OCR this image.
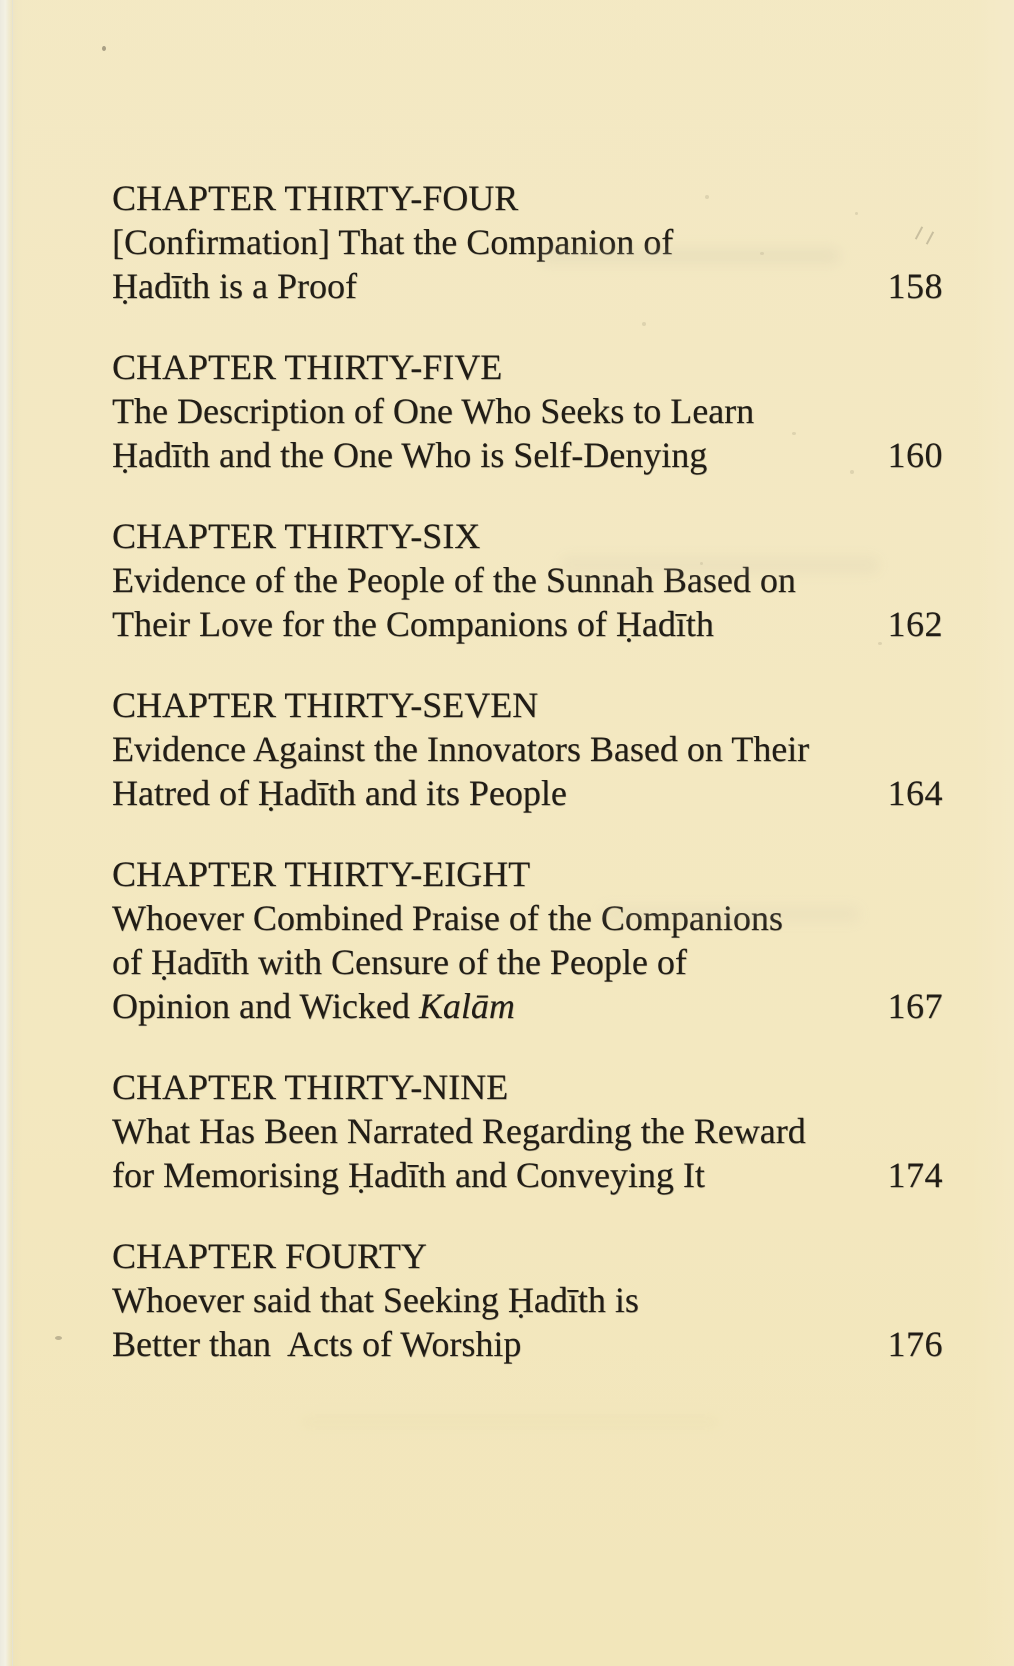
CHAPTER THIRTY-FOUR
[Confirmation] That the Companion of
Ḥadīth is a Proof	158
CHAPTER THIRTY-FIVE
The Description of One Who Seeks to Learn
Ḥadīth and the One Who is Self-Denying	160
CHAPTER THIRTY-SIX
Evidence of the People of the Sunnah Based on
Their Love for the Companions of Ḥadīth	162
CHAPTER THIRTY-SEVEN
Evidence Against the Innovators Based on Their
Hatred of Ḥadīth and its People	164
CHAPTER THIRTY-EIGHT
Whoever Combined Praise of the Companions
of Ḥadīth with Censure of the People of
Opinion and Wicked Kalām	167
CHAPTER THIRTY-NINE
What Has Been Narrated Regarding the Reward
for Memorising Ḥadīth and Conveying It	174
CHAPTER FOURTY
Whoever said that Seeking Ḥadīth is
Better than  Acts of Worship	176
